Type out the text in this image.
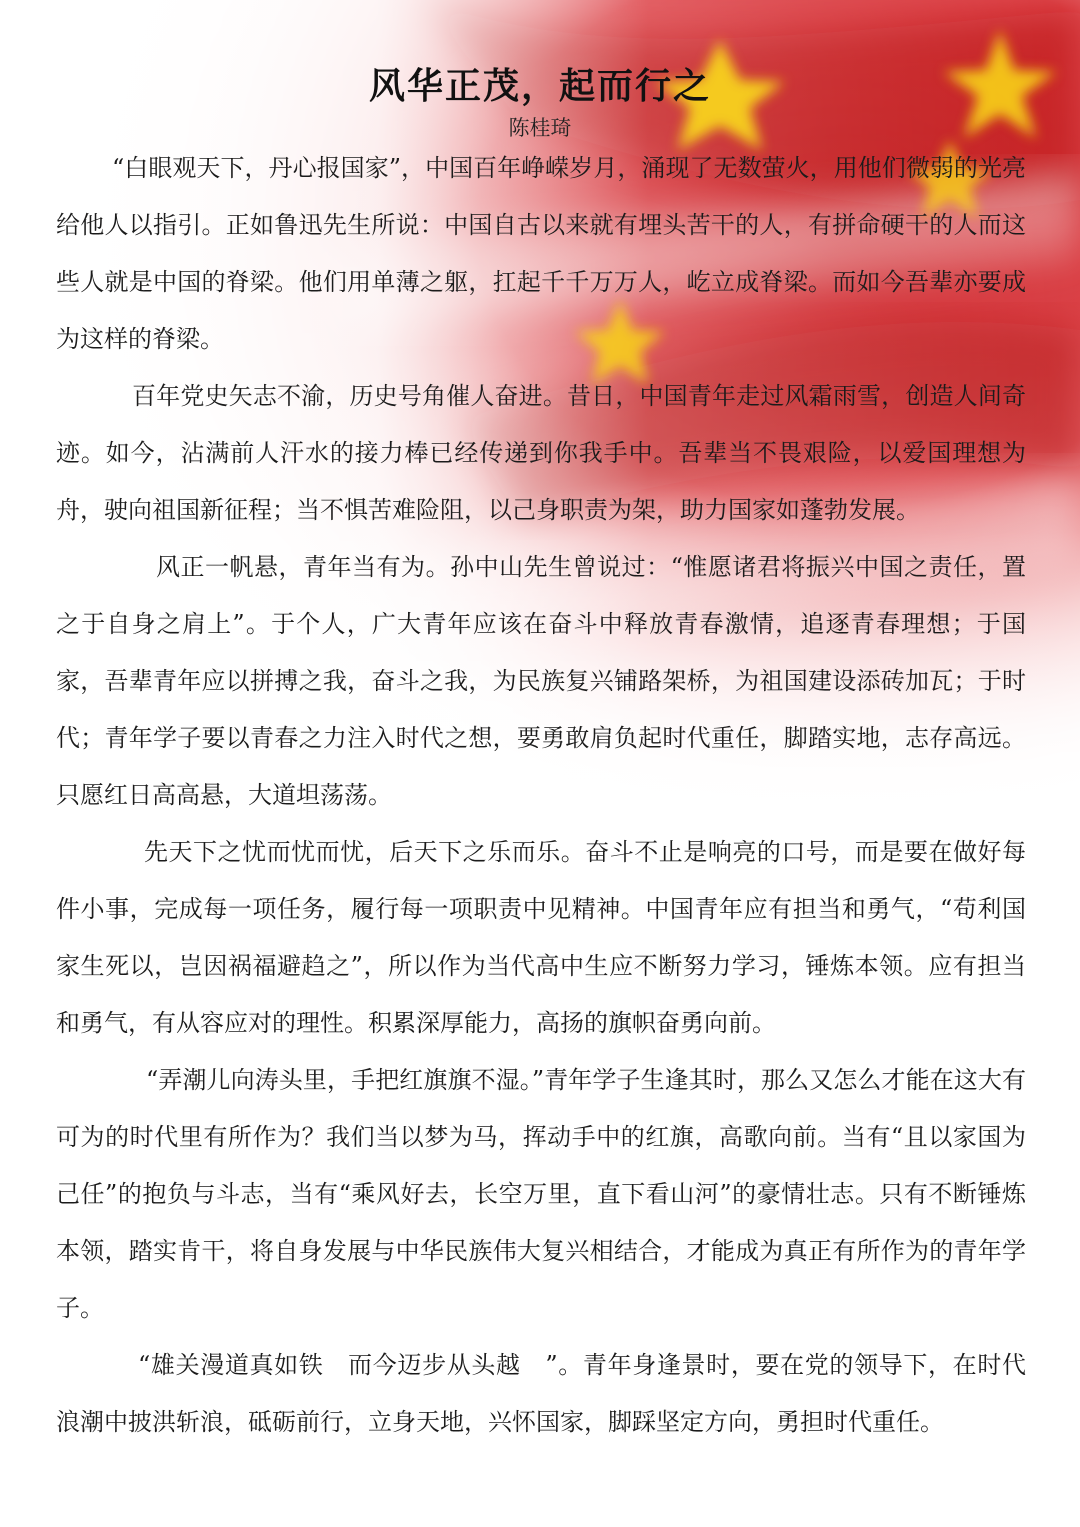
风华正茂，起而行之
陈桂琦

“白眼观天下，丹心报国家”，中国百年峥嵘岁月，涌现了无数萤火，用他们微弱的光亮给他人以指引。正如鲁迅先生所说：中国自古以来就有埋头苦干的人，有拼命硬干的人而这些人就是中国的脊梁。他们用单薄之躯，扛起千千万万人，屹立成脊梁。而如今吾辈亦要成为这样的脊梁。

百年党史矢志不渝，历史号角催人奋进。昔日，中国青年走过风霜雨雪，创造人间奇迹。如今，沾满前人汗水的接力棒已经传递到你我手中。吾辈当不畏艰险，以爱国理想为舟，驶向祖国新征程；当不惧苦难险阻，以己身职责为架，助力国家如蓬勃发展。

风正一帆悬，青年当有为。孙中山先生曾说过：“惟愿诸君将振兴中国之责任，置之于自身之肩上”。于个人，广大青年应该在奋斗中释放青春激情，追逐青春理想；于国家，吾辈青年应以拼搏之我，奋斗之我，为民族复兴铺路架桥，为祖国建设添砖加瓦；于时代；青年学子要以青春之力注入时代之想，要勇敢肩负起时代重任，脚踏实地，志存高远。只愿红日高高悬，大道坦荡荡。

先天下之忧而忧而忧，后天下之乐而乐。奋斗不止是响亮的口号，而是要在做好每件小事，完成每一项任务，履行每一项职责中见精神。中国青年应有担当和勇气，“苟利国家生死以，岂因祸福避趋之”，所以作为当代高中生应不断努力学习，锤炼本领。应有担当和勇气，有从容应对的理性。积累深厚能力，高扬的旗帜奋勇向前。

“弄潮儿向涛头里，手把红旗旗不湿。”青年学子生逢其时，那么又怎么才能在这大有可为的时代里有所作为？我们当以梦为马，挥动手中的红旗，高歌向前。当有“且以家国为己任”的抱负与斗志，当有“乘风好去，长空万里，直下看山河”的豪情壮志。只有不断锤炼本领，踏实肯干，将自身发展与中华民族伟大复兴相结合，才能成为真正有所作为的青年学子。

“雄关漫道真如铁　而今迈步从头越　”。青年身逢景时，要在党的领导下，在时代浪潮中披洪斩浪，砥砺前行，立身天地，兴怀国家，脚踩坚定方向，勇担时代重任。
